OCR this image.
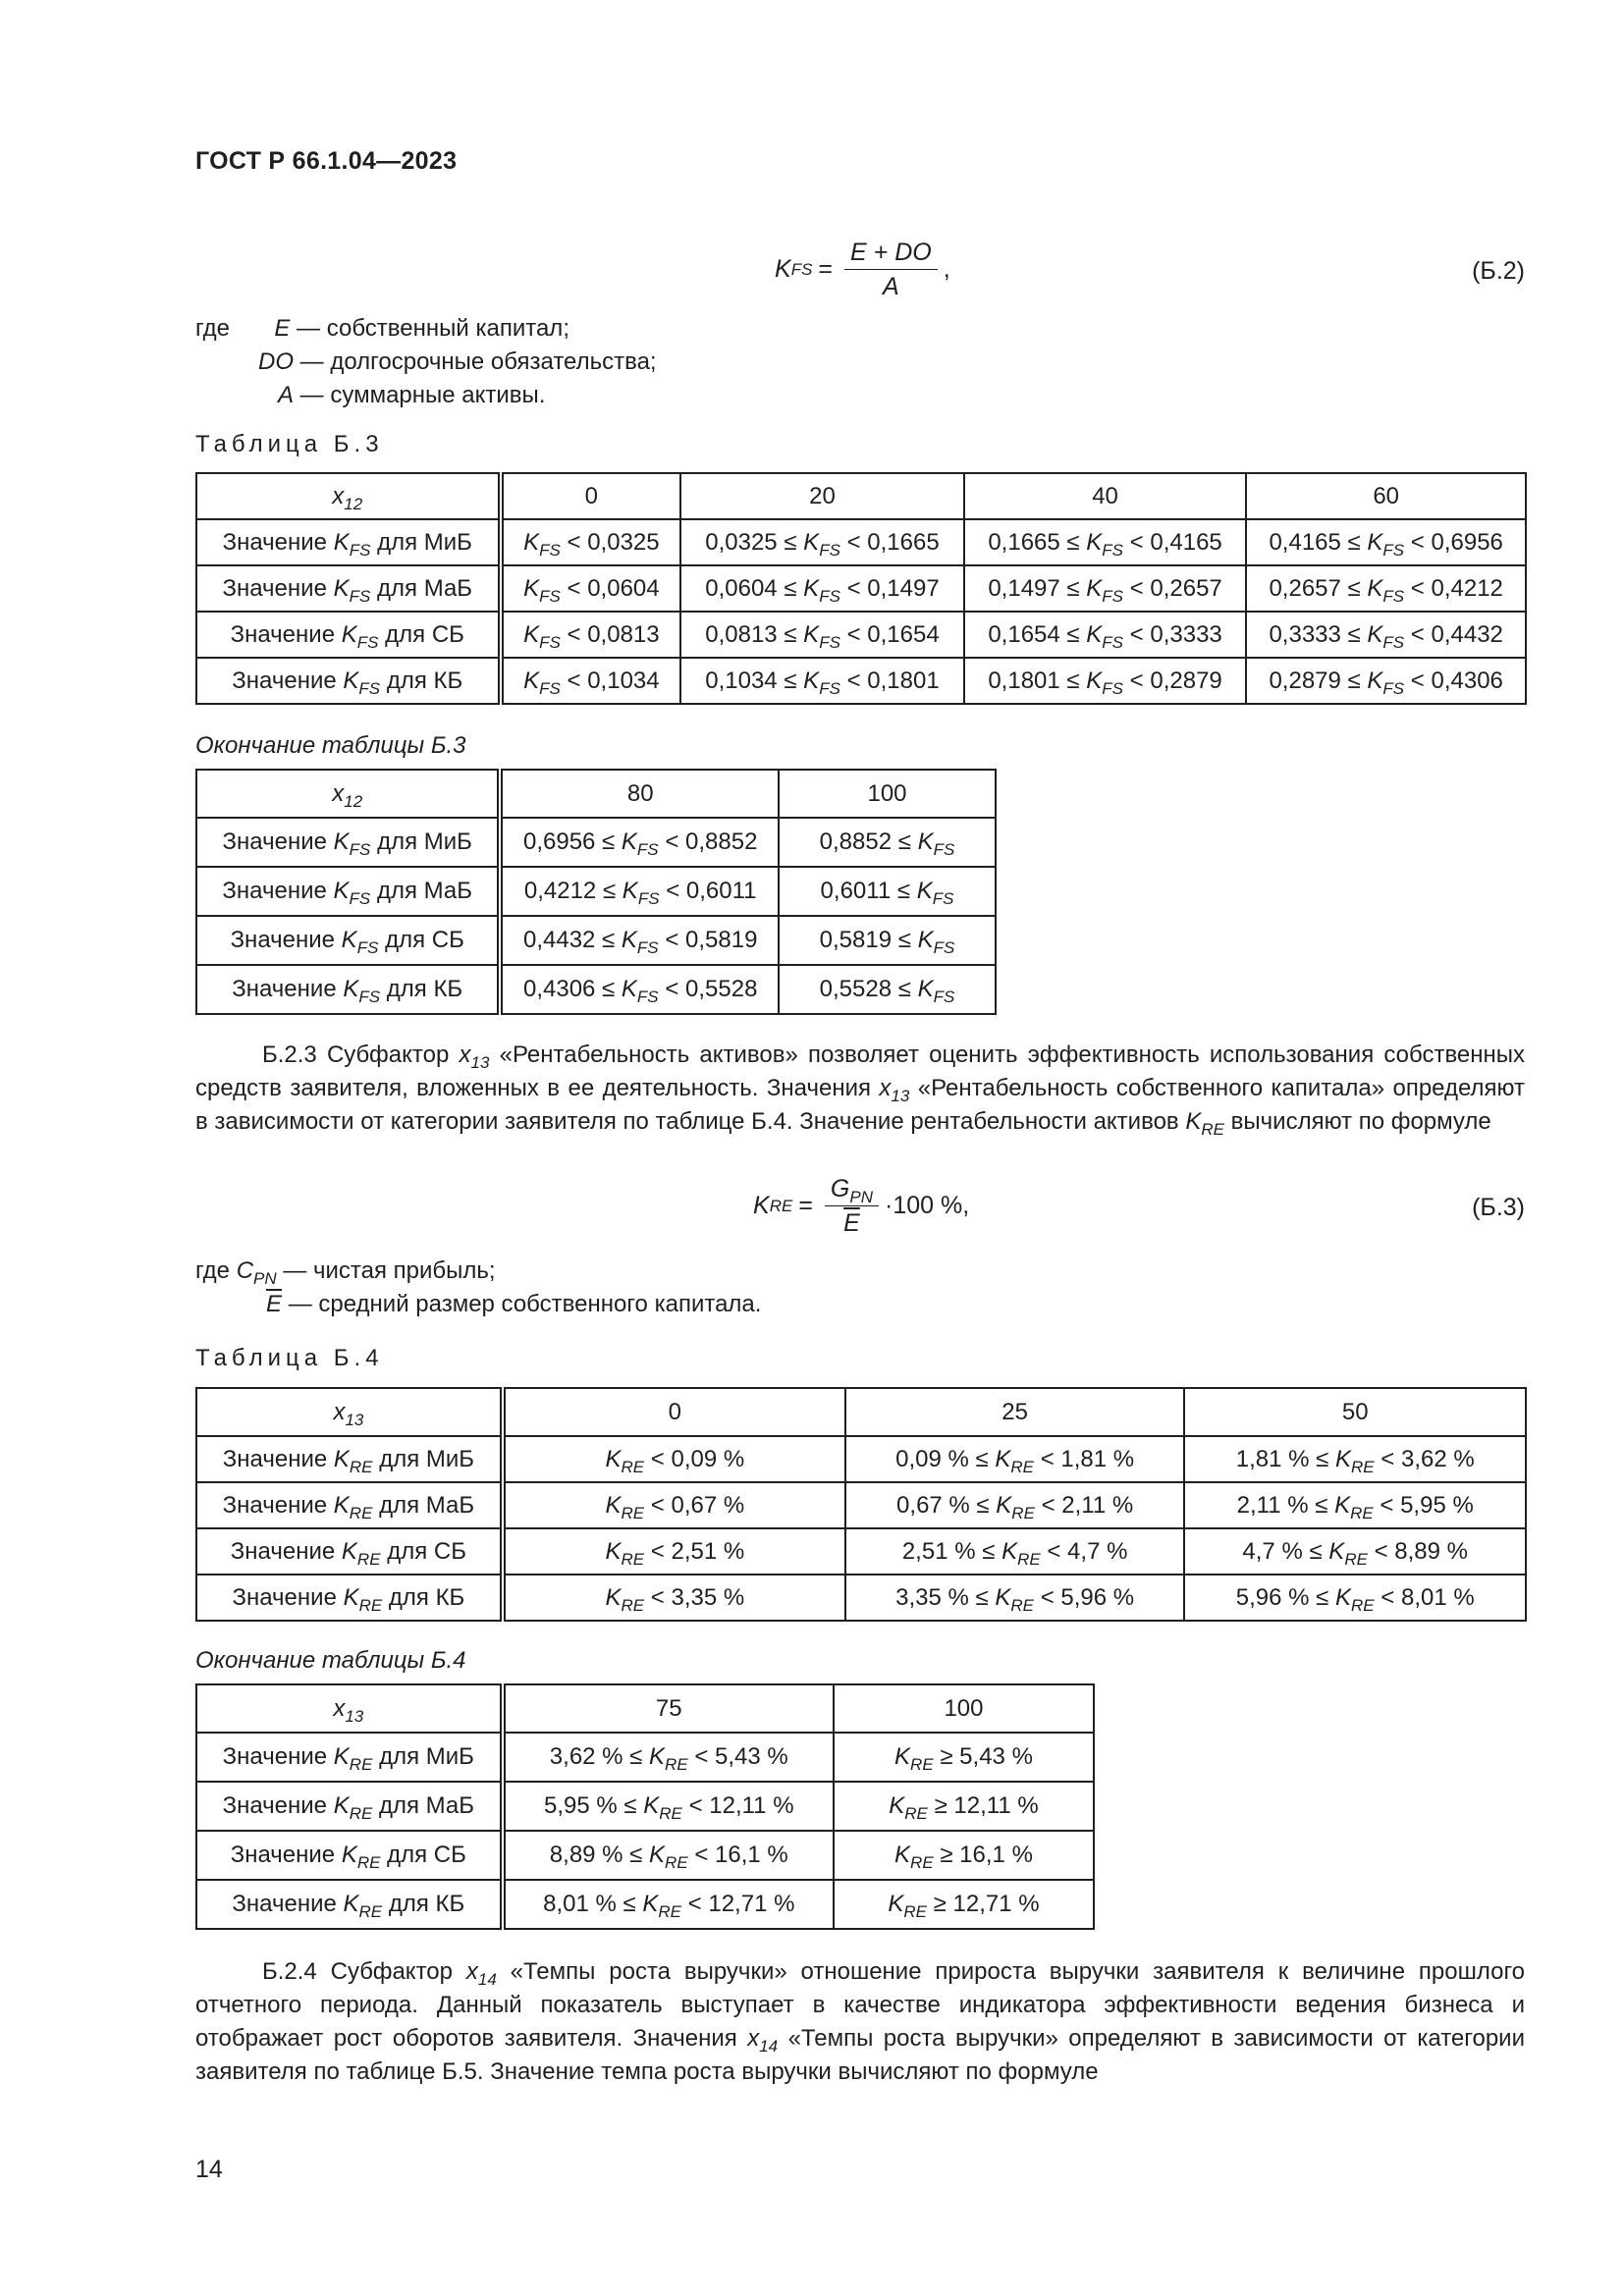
ГОСТ Р 66.1.04—2023
K FS = $\frac{E + DO}{A}$ ,	(Б.2)
где E — собственный капитал;
DO — долгосрочные обязательства;
A — суммарные активы.
Таблица Б.3
$x_{12}$	0	20	40	60
Значение $K_{FS}$ для МиБ	$K_{FS} < 0,0325$	$0,0325 \le K_{FS} < 0,1665$	$0,1665 \le K_{FS} < 0,4165$	$0,4165 \le K_{FS} < 0,6956$
Значение $K_{FS}$ для МаБ	$K_{FS} < 0,0604$	$0,0604 \le K_{FS} < 0,1497$	$0,1497 \le K_{FS} < 0,2657$	$0,2657 \le K_{FS} < 0,4212$
Значение $K_{FS}$ для СБ	$K_{FS} < 0,0813$	$0,0813 \le K_{FS} < 0,1654$	$0,1654 \le K_{FS} < 0,3333$	$0,3333 \le K_{FS} < 0,4432$
Значение $K_{FS}$ для КБ	$K_{FS} < 0,1034$	$0,1034 \le K_{FS} < 0,1801$	$0,1801 \le K_{FS} < 0,2879$	$0,2879 \le K_{FS} < 0,4306$
Окончание таблицы Б.3
$x_{12}$	80	100
Значение $K_{FS}$ для МиБ	$0,6956 \le K_{FS} < 0,8852$	$0,8852 \le K_{FS}$
Значение $K_{FS}$ для МаБ	$0,4212 \le K_{FS} < 0,6011$	$0,6011 \le K_{FS}$
Значение $K_{FS}$ для СБ	$0,4432 \le K_{FS} < 0,5819$	$0,5819 \le K_{FS}$
Значение $K_{FS}$ для КБ	$0,4306 \le K_{FS} < 0,5528$	$0,5528 \le K_{FS}$
Б.2.3 Субфактор $x_{13}$ «Рентабельность активов» позволяет оценить эффективность использования собственных средств заявителя, вложенных в ее деятельность. Значения $x_{13}$ «Рентабельность собственного капитала» определяют в зависимости от категории заявителя по таблице Б.4. Значение рентабельности активов $K_{RE}$ вычисляют по формуле
K RE = $\frac{G_{PN}}{E} \cdot 100$ %,	(Б.3)
где $C_{PN}$ — чистая прибыль;
$\overline{E}$ — средний размер собственного капитала.
Таблица Б.4
$x_{13}$	0	25	50
Значение $K_{RE}$ для МиБ	$K_{RE} < 0,09$ %	0,09 % ≤ $K_{RE} < 1,81$ %	1,81 % ≤ $K_{RE} < 3,62$ %
Значение $K_{RE}$ для МаБ	$K_{RE} < 0,67$ %	0,67 % ≤ $K_{RE} < 2,11$ %	2,11 % ≤ $K_{RE} < 5,95$ %
Значение $K_{RE}$ для СБ	$K_{RE} < 2,51$ %	2,51 % ≤ $K_{RE} < 4,7$ %	4,7 % ≤ $K_{RE} < 8,89$ %
Значение $K_{RE}$ для КБ	$K_{RE} < 3,35$ %	3,35 % ≤ $K_{RE} < 5,96$ %	5,96 % ≤ $K_{RE} < 8,01$ %
Окончание таблицы Б.4
$x_{13}$	75	100
Значение $K_{RE}$ для МиБ	3,62 % ≤ $K_{RE} < 5,43$ %	$K_{RE} \ge 5,43$ %
Значение $K_{RE}$ для МаБ	5,95 % ≤ $K_{RE} < 12,11$ %	$K_{RE} \ge 12,11$ %
Значение $K_{RE}$ для СБ	8,89 % ≤ $K_{RE} < 16,1$ %	$K_{RE} \ge 16,1$ %
Значение $K_{RE}$ для КБ	8,01 % ≤ $K_{RE} < 12,71$ %	$K_{RE} \ge 12,71$ %
Б.2.4 Субфактор $x_{14}$ «Темпы роста выручки» отношение прироста выручки заявителя к величине прошлого отчетного периода. Данный показатель выступает в качестве индикатора эффективности ведения бизнеса и отображает рост оборотов заявителя. Значения $x_{14}$ «Темпы роста выручки» определяют в зависимости от категории заявителя по таблице Б.5. Значение темпа роста выручки вычисляют по формуле
14
